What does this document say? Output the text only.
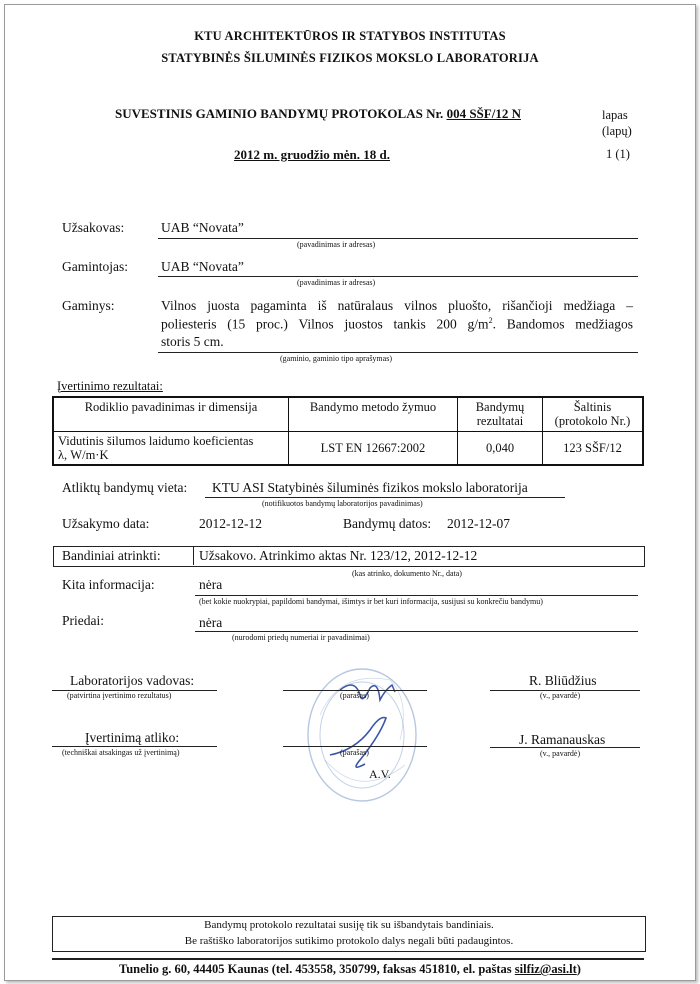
KTU ARCHITEKTŪROS IR STATYBOS INSTITUTAS
STATYBINĖS ŠILUMINĖS FIZIKOS MOKSLO LABORATORIJA
SUVESTINIS GAMINIO BANDYMŲ PROTOKOLAS Nr. 004 SŠF/12 N	lapas
(lapų)
2012 m. gruodžio mėn. 18 d.	1 (1)
Užsakovas:	UAB “Novata”
(pavadinimas ir adresas)
Gamintojas: UAB “Novata”
(pavadinimas ir adresas)
Gaminys:	Vilnos juosta pagaminta iš natūralaus vilnos pluošto, rišančioji medžiaga –
poliesteris (15 proc.) Vilnos juostos tankis 200 $g/m^2$. Bandomos medžiagos
storis 5 cm.
(gaminio, gaminio tipo aprašymas)
Įvertinimo rezultatai:
Rodiklio pavadinimas ir dimensija	Bandymo metodo žymuo	Bandymų
rezultatai	Šaltinis
(protokolo Nr.)
Vidutinis šilumos laidumo koeficientas
λ, W/m·K	LST EN 12667:2002	0,040	123 SŠF/12
Atliktų bandymų vieta: KTU ASI Statybinės šiluminės fizikos mokslo laboratorija
(notifikuotos bandymų laboratorijos pavadinimas)
Užsakymo data:	2012-12-12	Bandymų datos: 2012-12-07
Bandiniai atrinkti:	Užsakovo. Atrinkimo aktas Nr. 123/12, 2012-12-12
(kas atrinko, dokumento Nr., data)
Kita informacija:	nėra
(bet kokie nuokrypiai, papildomi bandymai, išimtys ir bet kuri informacija, susijusi su konkrečiu bandymu)
Priedai:	nėra
(nurodomi priedų numeriai ir pavadinimai)
Laboratorijos vadovas:
(patvirtina įvertinimo rezultatus)	(parašas)
R. Bliūdžius
(v., pavardė)
Įvertinimą atliko:
(techniškai atsakingas už įvertinimą)	(parašas)
A.V.
J. Ramanauskas
(v., pavardė)
Bandymų protokolo rezultatai susiję tik su išbandytais bandiniais.
Be raštiško laboratorijos sutikimo protokolo dalys negali būti padaugintos.
Tunelio g. 60, 44405 Kaunas (tel. 453558, 350799, faksas 451810, el. paštas silfiz@asi.lt)
